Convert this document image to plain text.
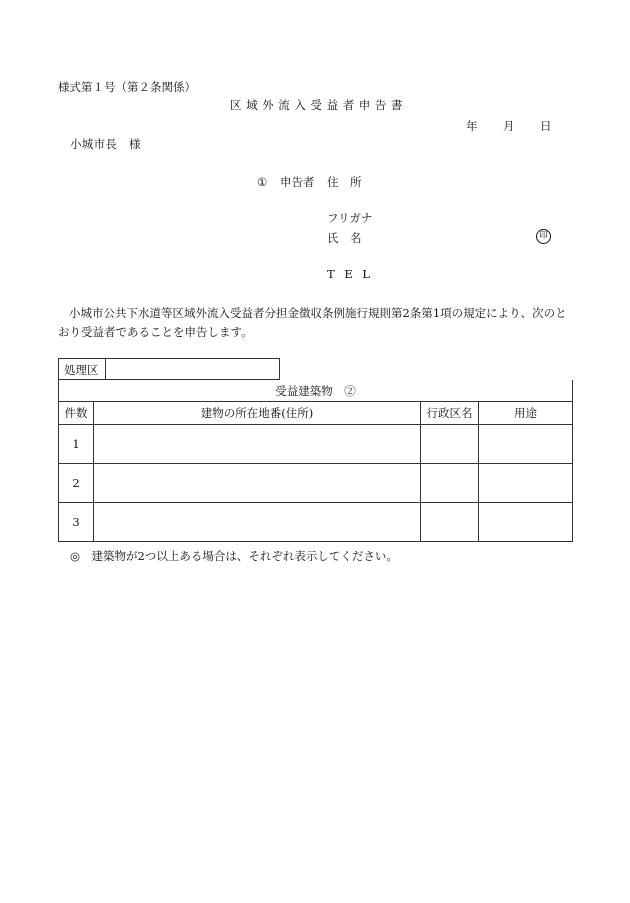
様式第１号（第２条関係）
区域外流入受益者申告書
年 月 日
小城市長　様
① 申告者 住　所
フリガナ
氏　名	印
T E L
小城市公共下水道等区域外流入受益者分担金徴収条例施行規則第2条第1項の規定により、次のとおり受益者であることを申告します。
処理区
受益建築物　②			
件数	建物の所在地番(住所)	行政区名	用途
1			
2			
3			
◎　建築物が2つ以上ある場合は、それぞれ表示してください。
